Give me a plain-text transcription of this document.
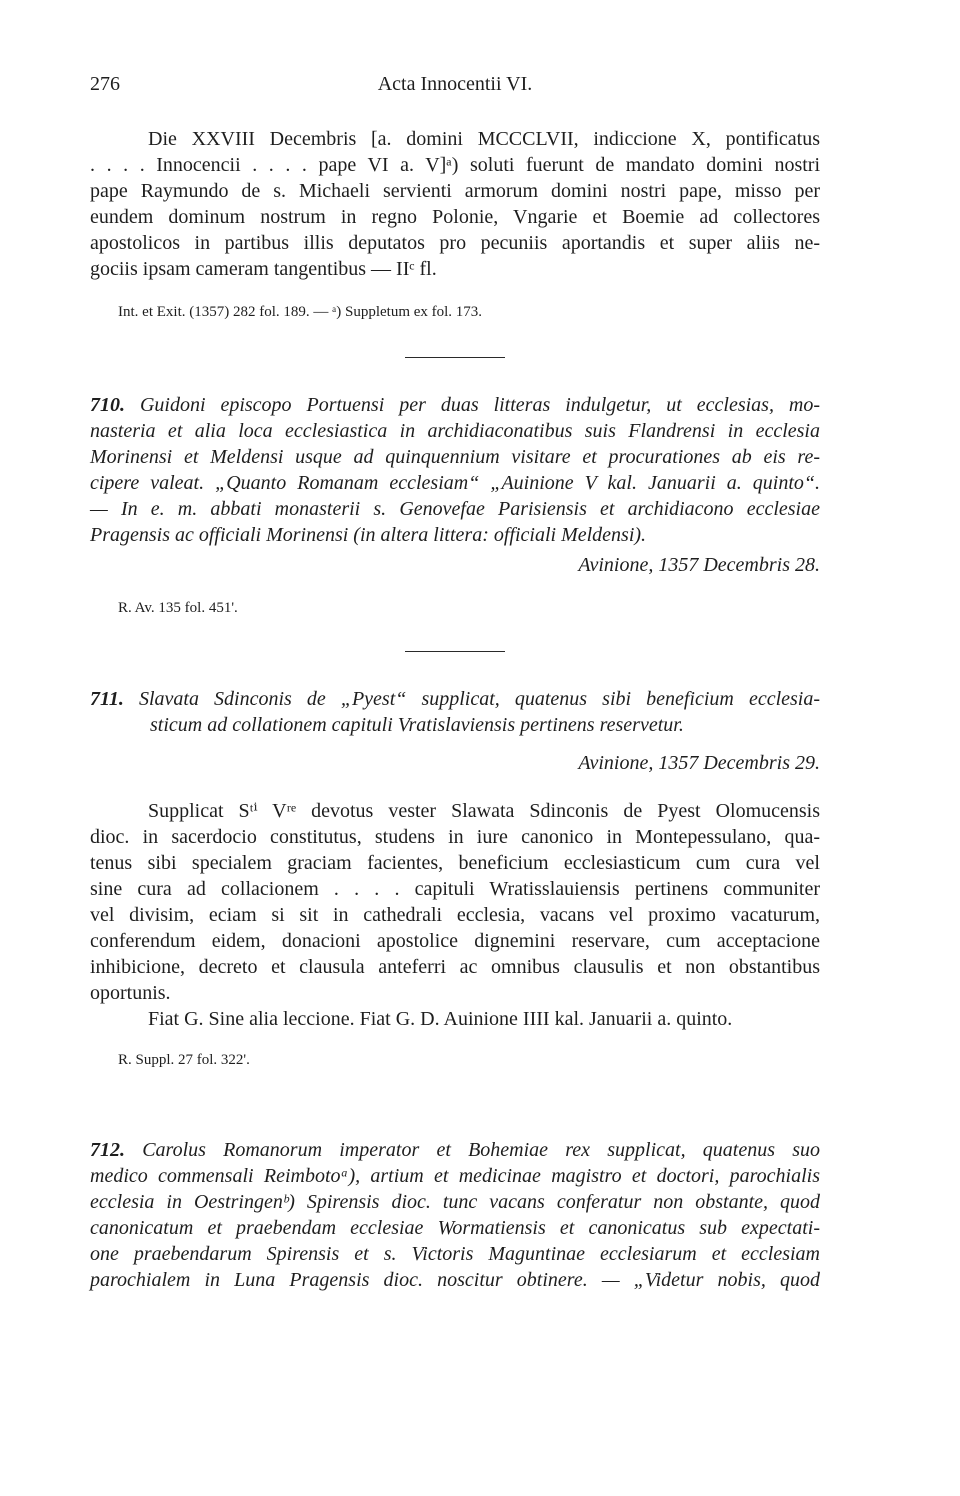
276	Acta Innocentii VI.
Die XXVIII Decembris [a. domini MCCCLVII, indiccione X, pontificatus
. . . . Innocencii . . . . pape VI a. V]ᵃ) soluti fuerunt de mandato domini nostri
pape Raymundo de s. Michaeli servienti armorum domini nostri pape, misso per
eundem dominum nostrum in regno Polonie, Vngarie et Boemie ad collectores
apostolicos in partibus illis deputatos pro pecuniis aportandis et super aliis ne-
gociis ipsam cameram tangentibus — IIᶜ fl.
Int. et Exit. (1357) 282 fol. 189. — ᵃ) Suppletum ex fol. 173.
710. Guidoni episcopo Portuensi per duas litteras indulgetur, ut ecclesias, mo-
nasteria et alia loca ecclesiastica in archidiaconatibus suis Flandrensi in ecclesia
Morinensi et Meldensi usque ad quinquennium visitare et procurationes ab eis re-
cipere valeat. „Quanto Romanam ecclesiam“ „Auinione V kal. Januarii a. quinto“.
— In e. m. abbati monasterii s. Genovefae Parisiensis et archidiacono ecclesiae
Pragensis ac officiali Morinensi (in altera littera: officiali Meldensi).
Avinione, 1357 Decembris 28.
R. Av. 135 fol. 451'.
711. Slavata Sdinconis de „Pyest“ supplicat, quatenus sibi beneficium ecclesia-
sticum ad collationem capituli Vratislaviensis pertinens reservetur.
Avinione, 1357 Decembris 29.
Supplicat Sᵗⁱ Vʳᵉ devotus vester Slawata Sdinconis de Pyest Olomucensis
dioc. in sacerdocio constitutus, studens in iure canonico in Montepessulano, qua-
tenus sibi specialem graciam facientes, beneficium ecclesiasticum cum cura vel
sine cura ad collacionem . . . . capituli Wratisslauiensis pertinens communiter
vel divisim, eciam si sit in cathedrali ecclesia, vacans vel proximo vacaturum,
conferendum eidem, donacioni apostolice dignemini reservare, cum acceptacione
inhibicione, decreto et clausula anteferri ac omnibus clausulis et non obstantibus
oportunis.
Fiat G. Sine alia leccione. Fiat G. D. Auinione IIII kal. Januarii a. quinto.
R. Suppl. 27 fol. 322'.
712. Carolus Romanorum imperator et Bohemiae rex supplicat, quatenus suo
medico commensali Reimbotoᵃ), artium et medicinae magistro et doctori, parochialis
ecclesia in Oestringenᵇ) Spirensis dioc. tunc vacans conferatur non obstante, quod
canonicatum et praebendam ecclesiae Wormatiensis et canonicatus sub expectati-
one praebendarum Spirensis et s. Victoris Maguntinae ecclesiarum et ecclesiam
parochialem in Luna Pragensis dioc. noscitur obtinere. — „Videtur nobis, quod
